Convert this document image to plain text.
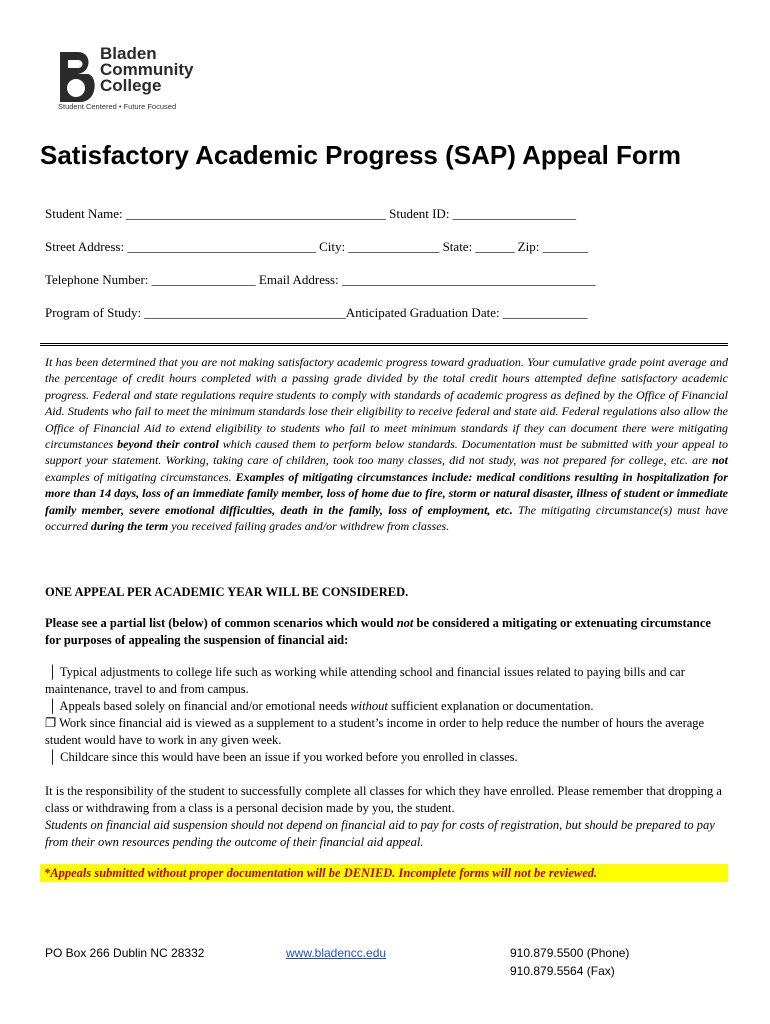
Bladen
Community
College
Student Centered • Future Focused
Satisfactory Academic Progress (SAP) Appeal Form
Student Name: ________________________________________ Student ID: ___________________
Street Address: _____________________________ City: ______________ State: ______ Zip: _______
Telephone Number: ________________ Email Address: _______________________________________
Program of Study: _______________________________Anticipated Graduation Date: _____________
It has been determined that you are not making satisfactory academic progress toward graduation. Your cumulative grade point average and the percentage of credit hours completed with a passing grade divided by the total credit hours attempted define satisfactory academic progress. Federal and state regulations require students to comply with standards of academic progress as defined by the Office of Financial Aid. Students who fail to meet the minimum standards lose their eligibility to receive federal and state aid. Federal regulations also allow the Office of Financial Aid to extend eligibility to students who fail to meet minimum standards if they can document there were mitigating circumstances beyond their control which caused them to perform below standards. Documentation must be submitted with your appeal to support your statement. Working, taking care of children, took too many classes, did not study, was not prepared for college, etc. are not examples of mitigating circumstances. Examples of mitigating circumstances include: medical conditions resulting in hospitalization for more than 14 days, loss of an immediate family member, loss of home due to fire, storm or natural disaster, illness of student or immediate family member, severe emotional difficulties, death in the family, loss of employment, etc. The mitigating circumstance(s) must have occurred during the term you received failing grades and/or withdrew from classes.
ONE APPEAL PER ACADEMIC YEAR WILL BE CONSIDERED.
Please see a partial list (below) of common scenarios which would not be considered a mitigating or extenuating circumstance for purposes of appealing the suspension of financial aid:
│ Typical adjustments to college life such as working while attending school and financial issues related to paying bills and car maintenance, travel to and from campus.
│ Appeals based solely on financial and/or emotional needs without sufficient explanation or documentation.
❐ Work since financial aid is viewed as a supplement to a student’s income in order to help reduce the number of hours the average student would have to work in any given week.
│ Childcare since this would have been an issue if you worked before you enrolled in classes.
It is the responsibility of the student to successfully complete all classes for which they have enrolled. Please remember that dropping a class or withdrawing from a class is a personal decision made by you, the student.
Students on financial aid suspension should not depend on financial aid to pay for costs of registration, but should be prepared to pay from their own resources pending the outcome of their financial aid appeal.
*Appeals submitted without proper documentation will be DENIED. Incomplete forms will not be reviewed.
PO Box 266 Dublin NC 28332	www.bladencc.edu	910.879.5500 (Phone)
910.879.5564 (Fax)
